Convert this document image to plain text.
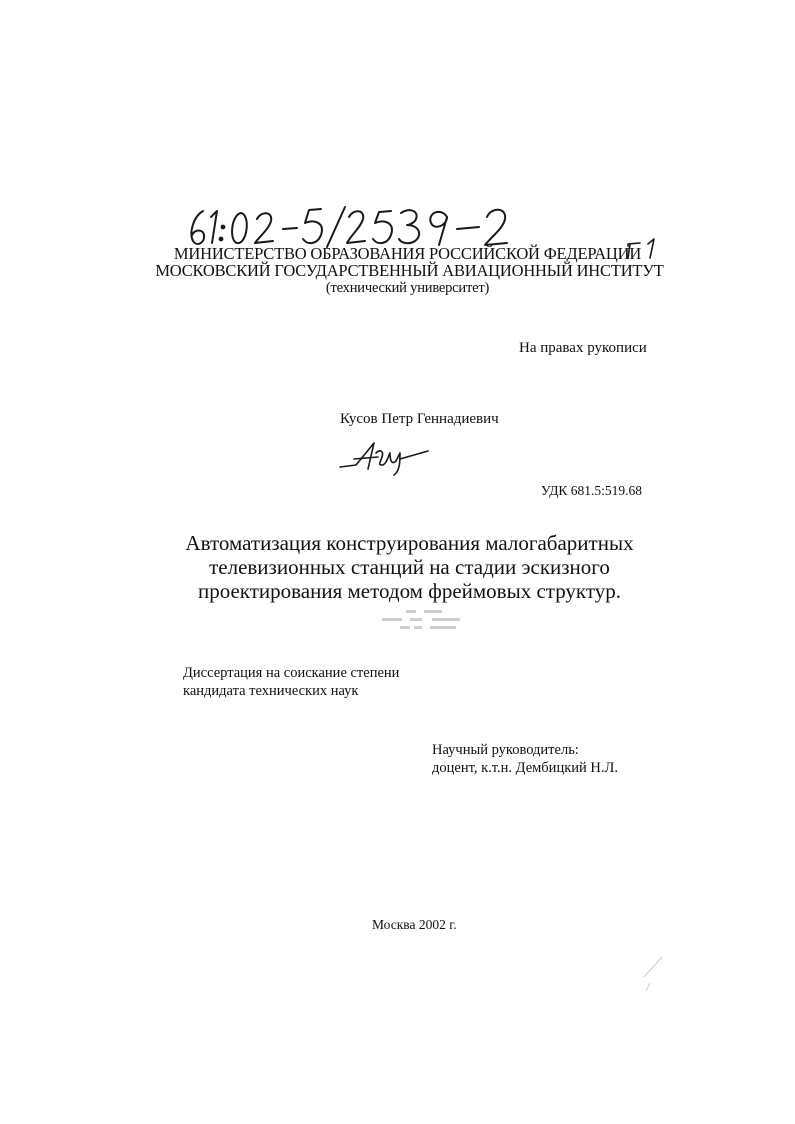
МИНИСТЕРСТВО ОБРАЗОВАНИЯ РОССИЙСКОЙ ФЕДЕРАЦИИ
МОСКОВСКИЙ ГОСУДАРСТВЕННЫЙ АВИАЦИОННЫЙ ИНСТИТУТ
(технический университет)
На правах рукописи
Кусов Петр Геннадиевич
УДК 681.5:519.68
Автоматизация конструирования малогабаритных
телевизионных станций на стадии эскизного
проектирования методом фреймовых структур.
Диссертация на соискание степени
кандидата технических наук
Научный руководитель:
доцент, к.т.н. Дембицкий Н.Л.
Москва 2002 г.
